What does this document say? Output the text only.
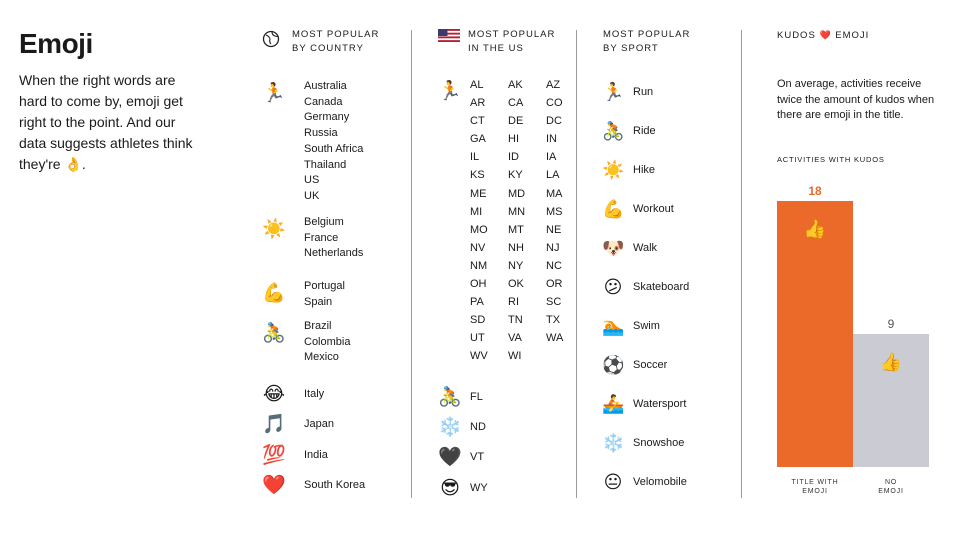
Emoji

When the right words are hard to come by, emoji get right to the point. And our data suggests athletes think they're 👌.

MOST POPULAR
BY COUNTRY
MOST POPULAR
IN THE US
MOST POPULAR
BY SPORT
KUDOS ❤️ EMOJI
🏃 Australia
Canada
Germany
Russia
South Africa
Thailand
US
UK
☀️ Belgium
France
Netherlands
💪 Portugal
Spain
🚴 Brazil
Colombia
Mexico
😂 Italy
🎵 Japan
💯 India
❤️ South Korea
🏃 AL	AK	AZ
AR	CA	CO
CT	DE	DC
GA	HI	IN
IL	ID	IA
KS	KY	LA
ME	MD	MA
MI	MN	MS
MO	MT	NE
NV	NH	NJ
NM	NY	NC
OH	OK	OR
PA	RI	SC
SD	TN	TX
UT	VA	WA
WV	WI
🚴 FL
❄️ ND
🖤 VT
😎 WY
🏃 Run
🚴 Ride
☀️ Hike
💪 Workout
🐶 Walk
😕 Skateboard
🏊 Swim
⚽ Soccer
🚣 Watersport
❄️ Snowshoe
😐 Velomobile
On average, activities receive twice the amount of kudos when there are emoji in the title.
ACTIVITIES WITH KUDOS
18
👍
TITLE WITH
EMOJI
9
👍
NO
EMOJI
